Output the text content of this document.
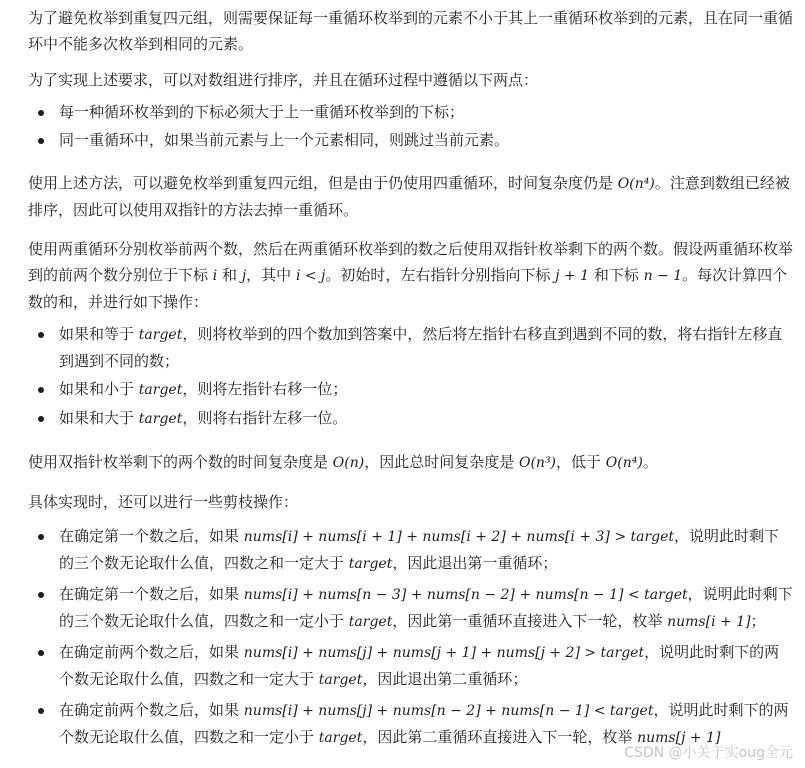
为了避免枚举到重复四元组，则需要保证每一重循环枚举到的元素不小于其上一重循环枚举到的元素，且在同一重循环中不能多次枚举到相同的元素。

为了实现上述要求，可以对数组进行排序，并且在循环过程中遵循以下两点：

每一种循环枚举到的下标必须大于上一重循环枚举到的下标；
同一重循环中，如果当前元素与上一个元素相同，则跳过当前元素。

使用上述方法，可以避免枚举到重复四元组，但是由于仍使用四重循环，时间复杂度仍是 O(n⁴)。注意到数组已经被排序，因此可以使用双指针的方法去掉一重循环。

使用两重循环分别枚举前两个数，然后在两重循环枚举到的数之后使用双指针枚举剩下的两个数。假设两重循环枚举到的前两个数分别位于下标 i 和 j，其中 i < j。初始时，左右指针分别指向下标 j + 1 和下标 n − 1。每次计算四个数的和，并进行如下操作：

如果和等于 target，则将枚举到的四个数加到答案中，然后将左指针右移直到遇到不同的数，将右指针左移直到遇到不同的数；
如果和小于 target，则将左指针右移一位；
如果和大于 target，则将右指针左移一位。

使用双指针枚举剩下的两个数的时间复杂度是 O(n)，因此总时间复杂度是 O(n³)，低于 O(n⁴)。

具体实现时，还可以进行一些剪枝操作：

在确定第一个数之后，如果 nums[i] + nums[i + 1] + nums[i + 2] + nums[i + 3] > target，说明此时剩下的三个数无论取什么值，四数之和一定大于 target，因此退出第一重循环；
在确定第一个数之后，如果 nums[i] + nums[n − 3] + nums[n − 2] + nums[n − 1] < target，说明此时剩下的三个数无论取什么值，四数之和一定小于 target，因此第一重循环直接进入下一轮，枚举 nums[i + 1]；
在确定前两个数之后，如果 nums[i] + nums[j] + nums[j + 1] + nums[j + 2] > target，说明此时剩下的两个数无论取什么值，四数之和一定大于 target，因此退出第二重循环；
在确定前两个数之后，如果 nums[i] + nums[j] + nums[n − 2] + nums[n − 1] < target，说明此时剩下的两个数无论取什么值，四数之和一定小于 target，因此第二重循环直接进入下一轮，枚举 nums[j + 1]
CSDN @小关于实oug全元
